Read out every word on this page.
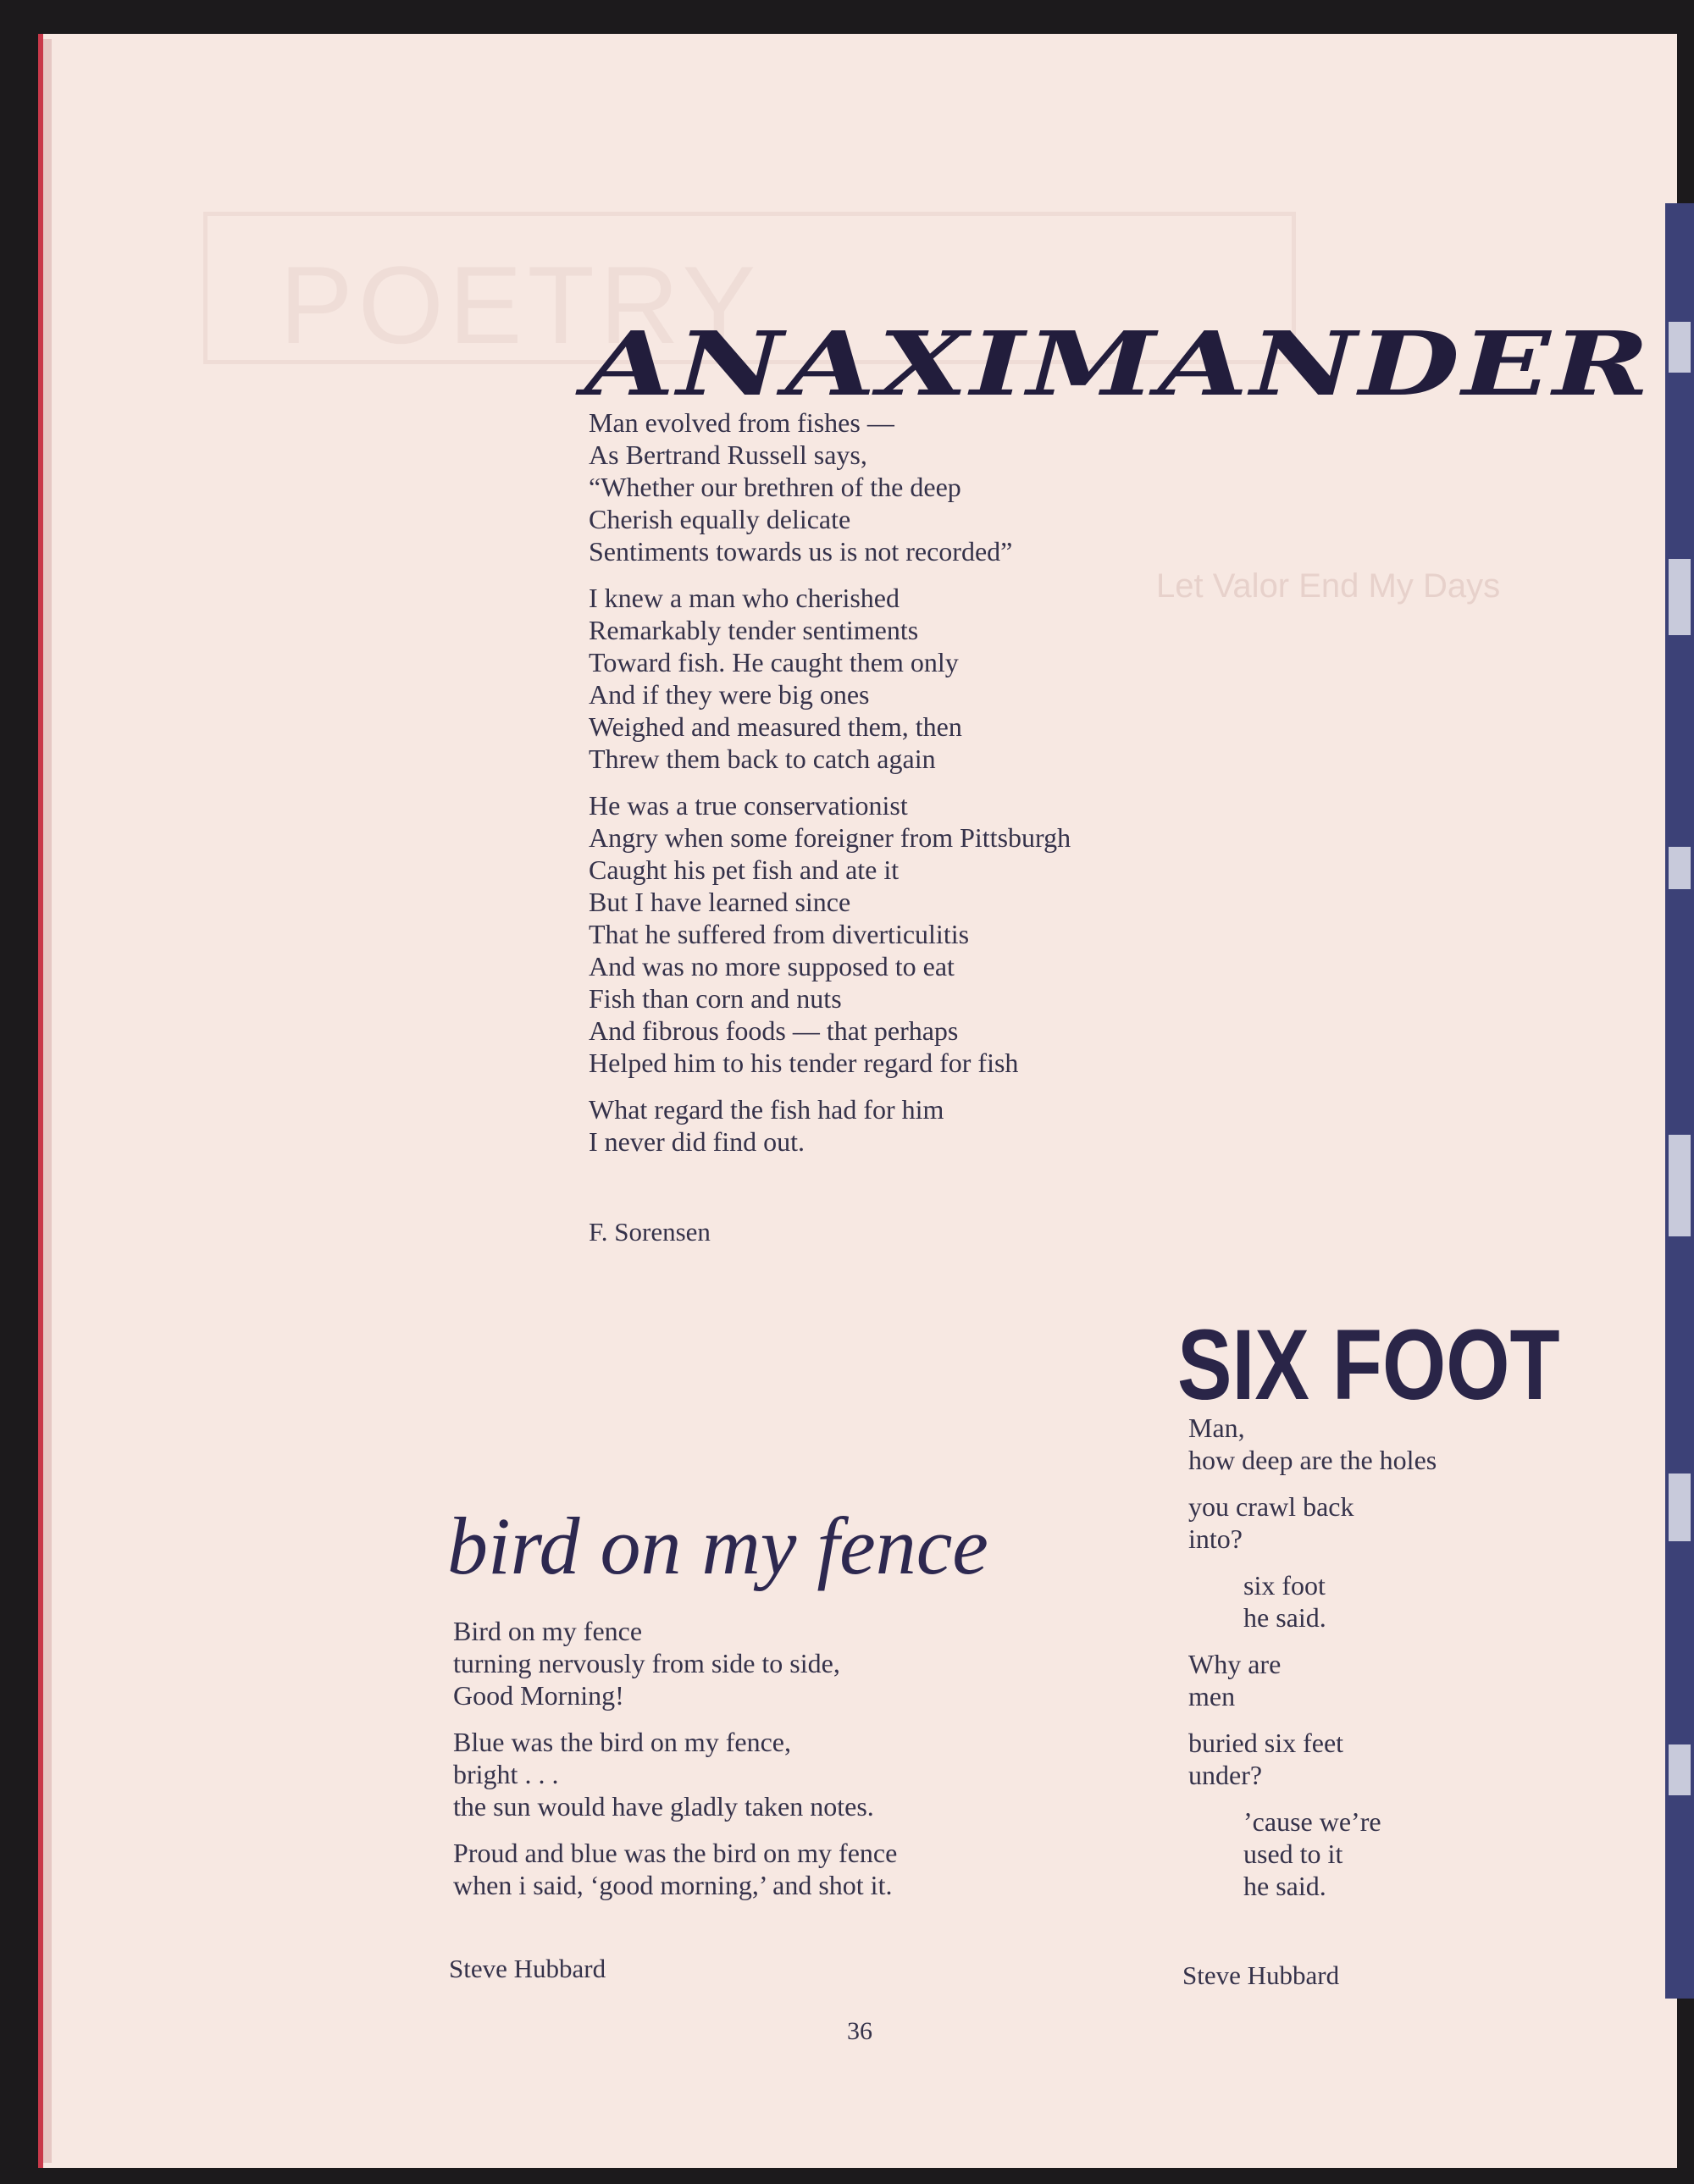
POETRY
Let Valor End My Days
ANAXIMANDER
Man evolved from fishes —
As Bertrand Russell says,
“Whether our brethren of the deep
Cherish equally delicate
Sentiments towards us is not recorded”
I knew a man who cherished
Remarkably tender sentiments
Toward fish. He caught them only
And if they were big ones
Weighed and measured them, then
Threw them back to catch again
He was a true conservationist
Angry when some foreigner from Pittsburgh
Caught his pet fish and ate it
But I have learned since
That he suffered from diverticulitis
And was no more supposed to eat
Fish than corn and nuts
And fibrous foods — that perhaps
Helped him to his tender regard for fish
What regard the fish had for him
I never did find out.
F. Sorensen
bird on my fence
Bird on my fence
turning nervously from side to side,
Good Morning!
Blue was the bird on my fence,
bright . . .
the sun would have gladly taken notes.
Proud and blue was the bird on my fence
when i said, ‘good morning,’ and shot it.
Steve Hubbard
SIX FOOT
Man,
how deep are the holes
you crawl back
into?
six foot
he said.
Why are
men
buried six feet
under?
’cause we’re
used to it
he said.
Steve Hubbard
36
